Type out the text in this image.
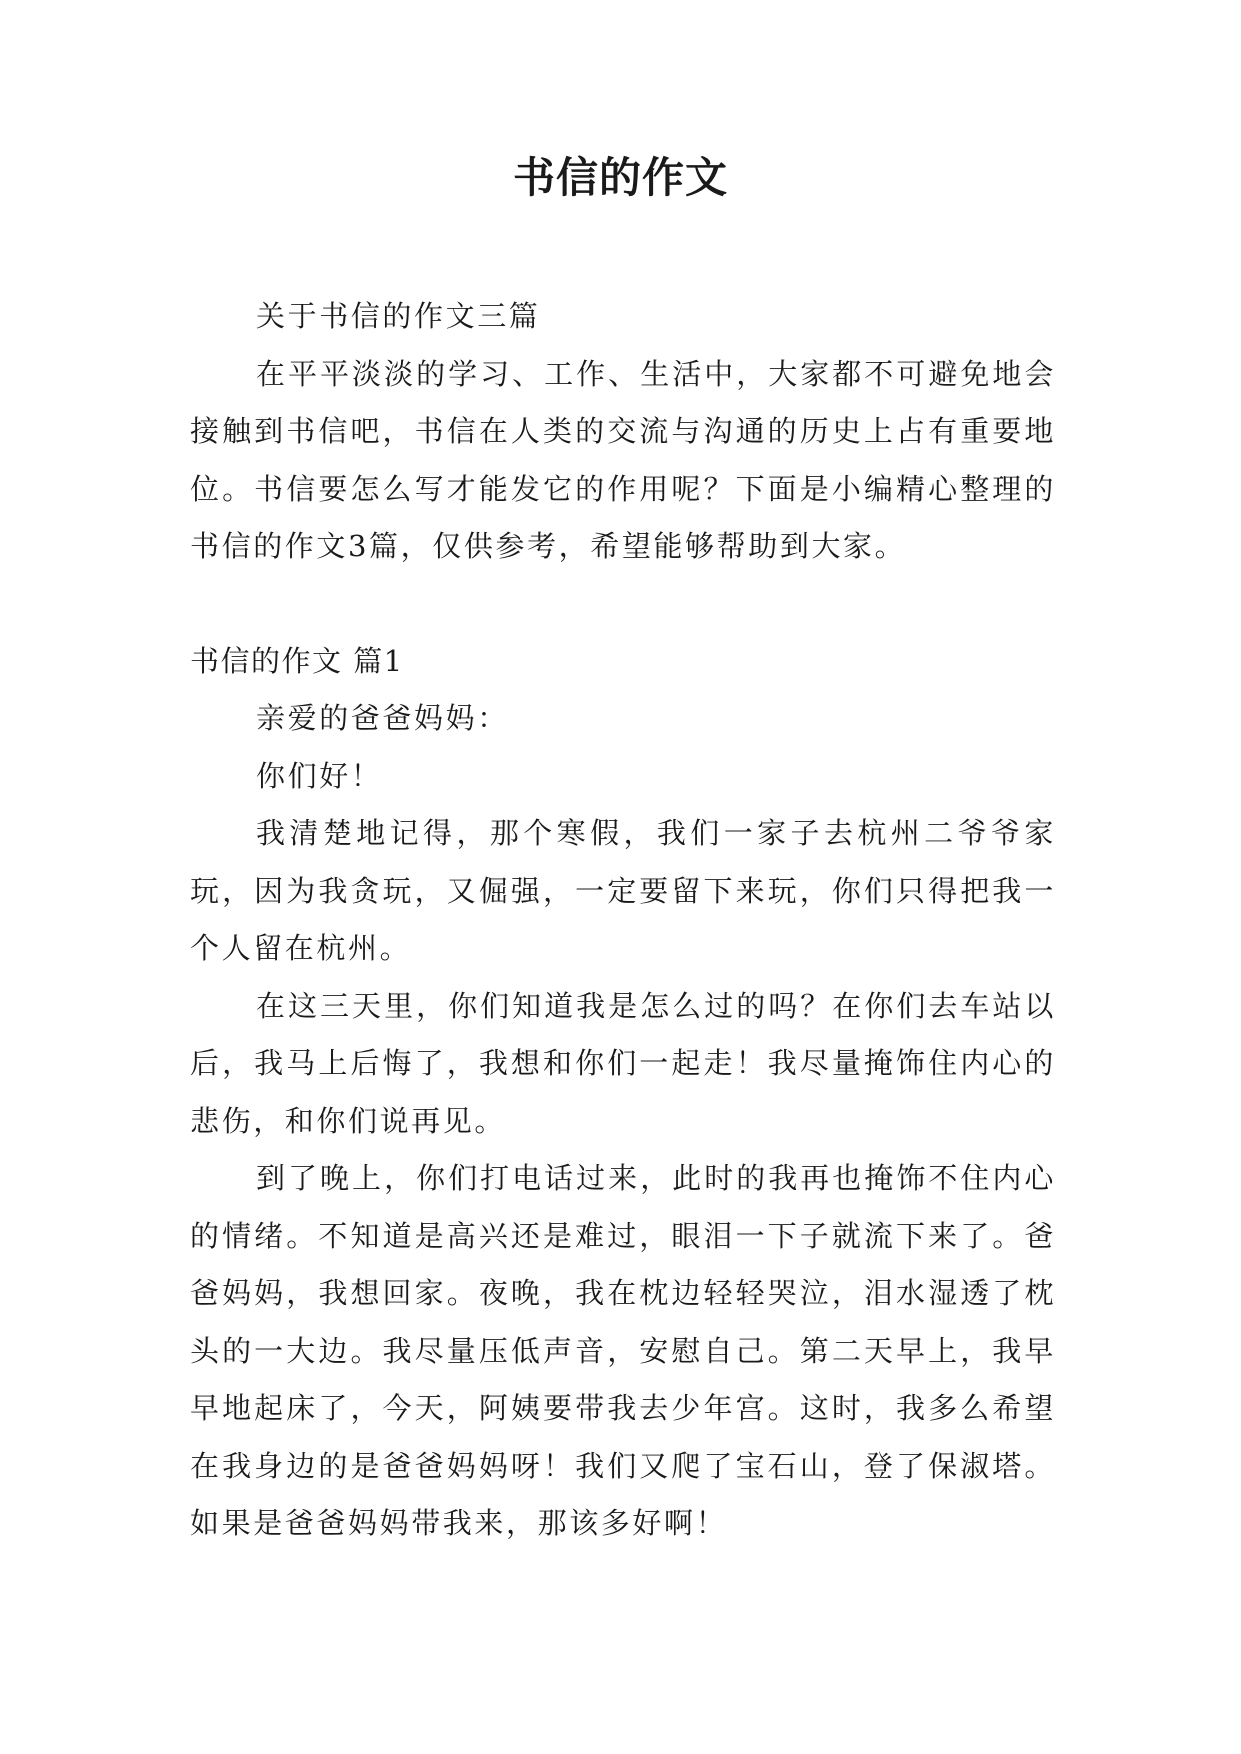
书信的作文

关于书信的作文三篇

在平平淡淡的学习、工作、生活中，大家都不可避免地会接触到书信吧，书信在人类的交流与沟通的历史上占有重要地位。书信要怎么写才能发它的作用呢？下面是小编精心整理的书信的作文3篇，仅供参考，希望能够帮助到大家。

书信的作文 篇1

亲爱的爸爸妈妈：

你们好！

我清楚地记得，那个寒假，我们一家子去杭州二爷爷家玩，因为我贪玩，又倔强，一定要留下来玩，你们只得把我一个人留在杭州。

在这三天里，你们知道我是怎么过的吗？在你们去车站以后，我马上后悔了，我想和你们一起走！我尽量掩饰住内心的悲伤，和你们说再见。

到了晚上，你们打电话过来，此时的我再也掩饰不住内心的情绪。不知道是高兴还是难过，眼泪一下子就流下来了。爸爸妈妈，我想回家。夜晚，我在枕边轻轻哭泣，泪水湿透了枕头的一大边。我尽量压低声音，安慰自己。第二天早上，我早早地起床了，今天，阿姨要带我去少年宫。这时，我多么希望在我身边的是爸爸妈妈呀！我们又爬了宝石山，登了保淑塔。如果是爸爸妈妈带我来，那该多好啊！
